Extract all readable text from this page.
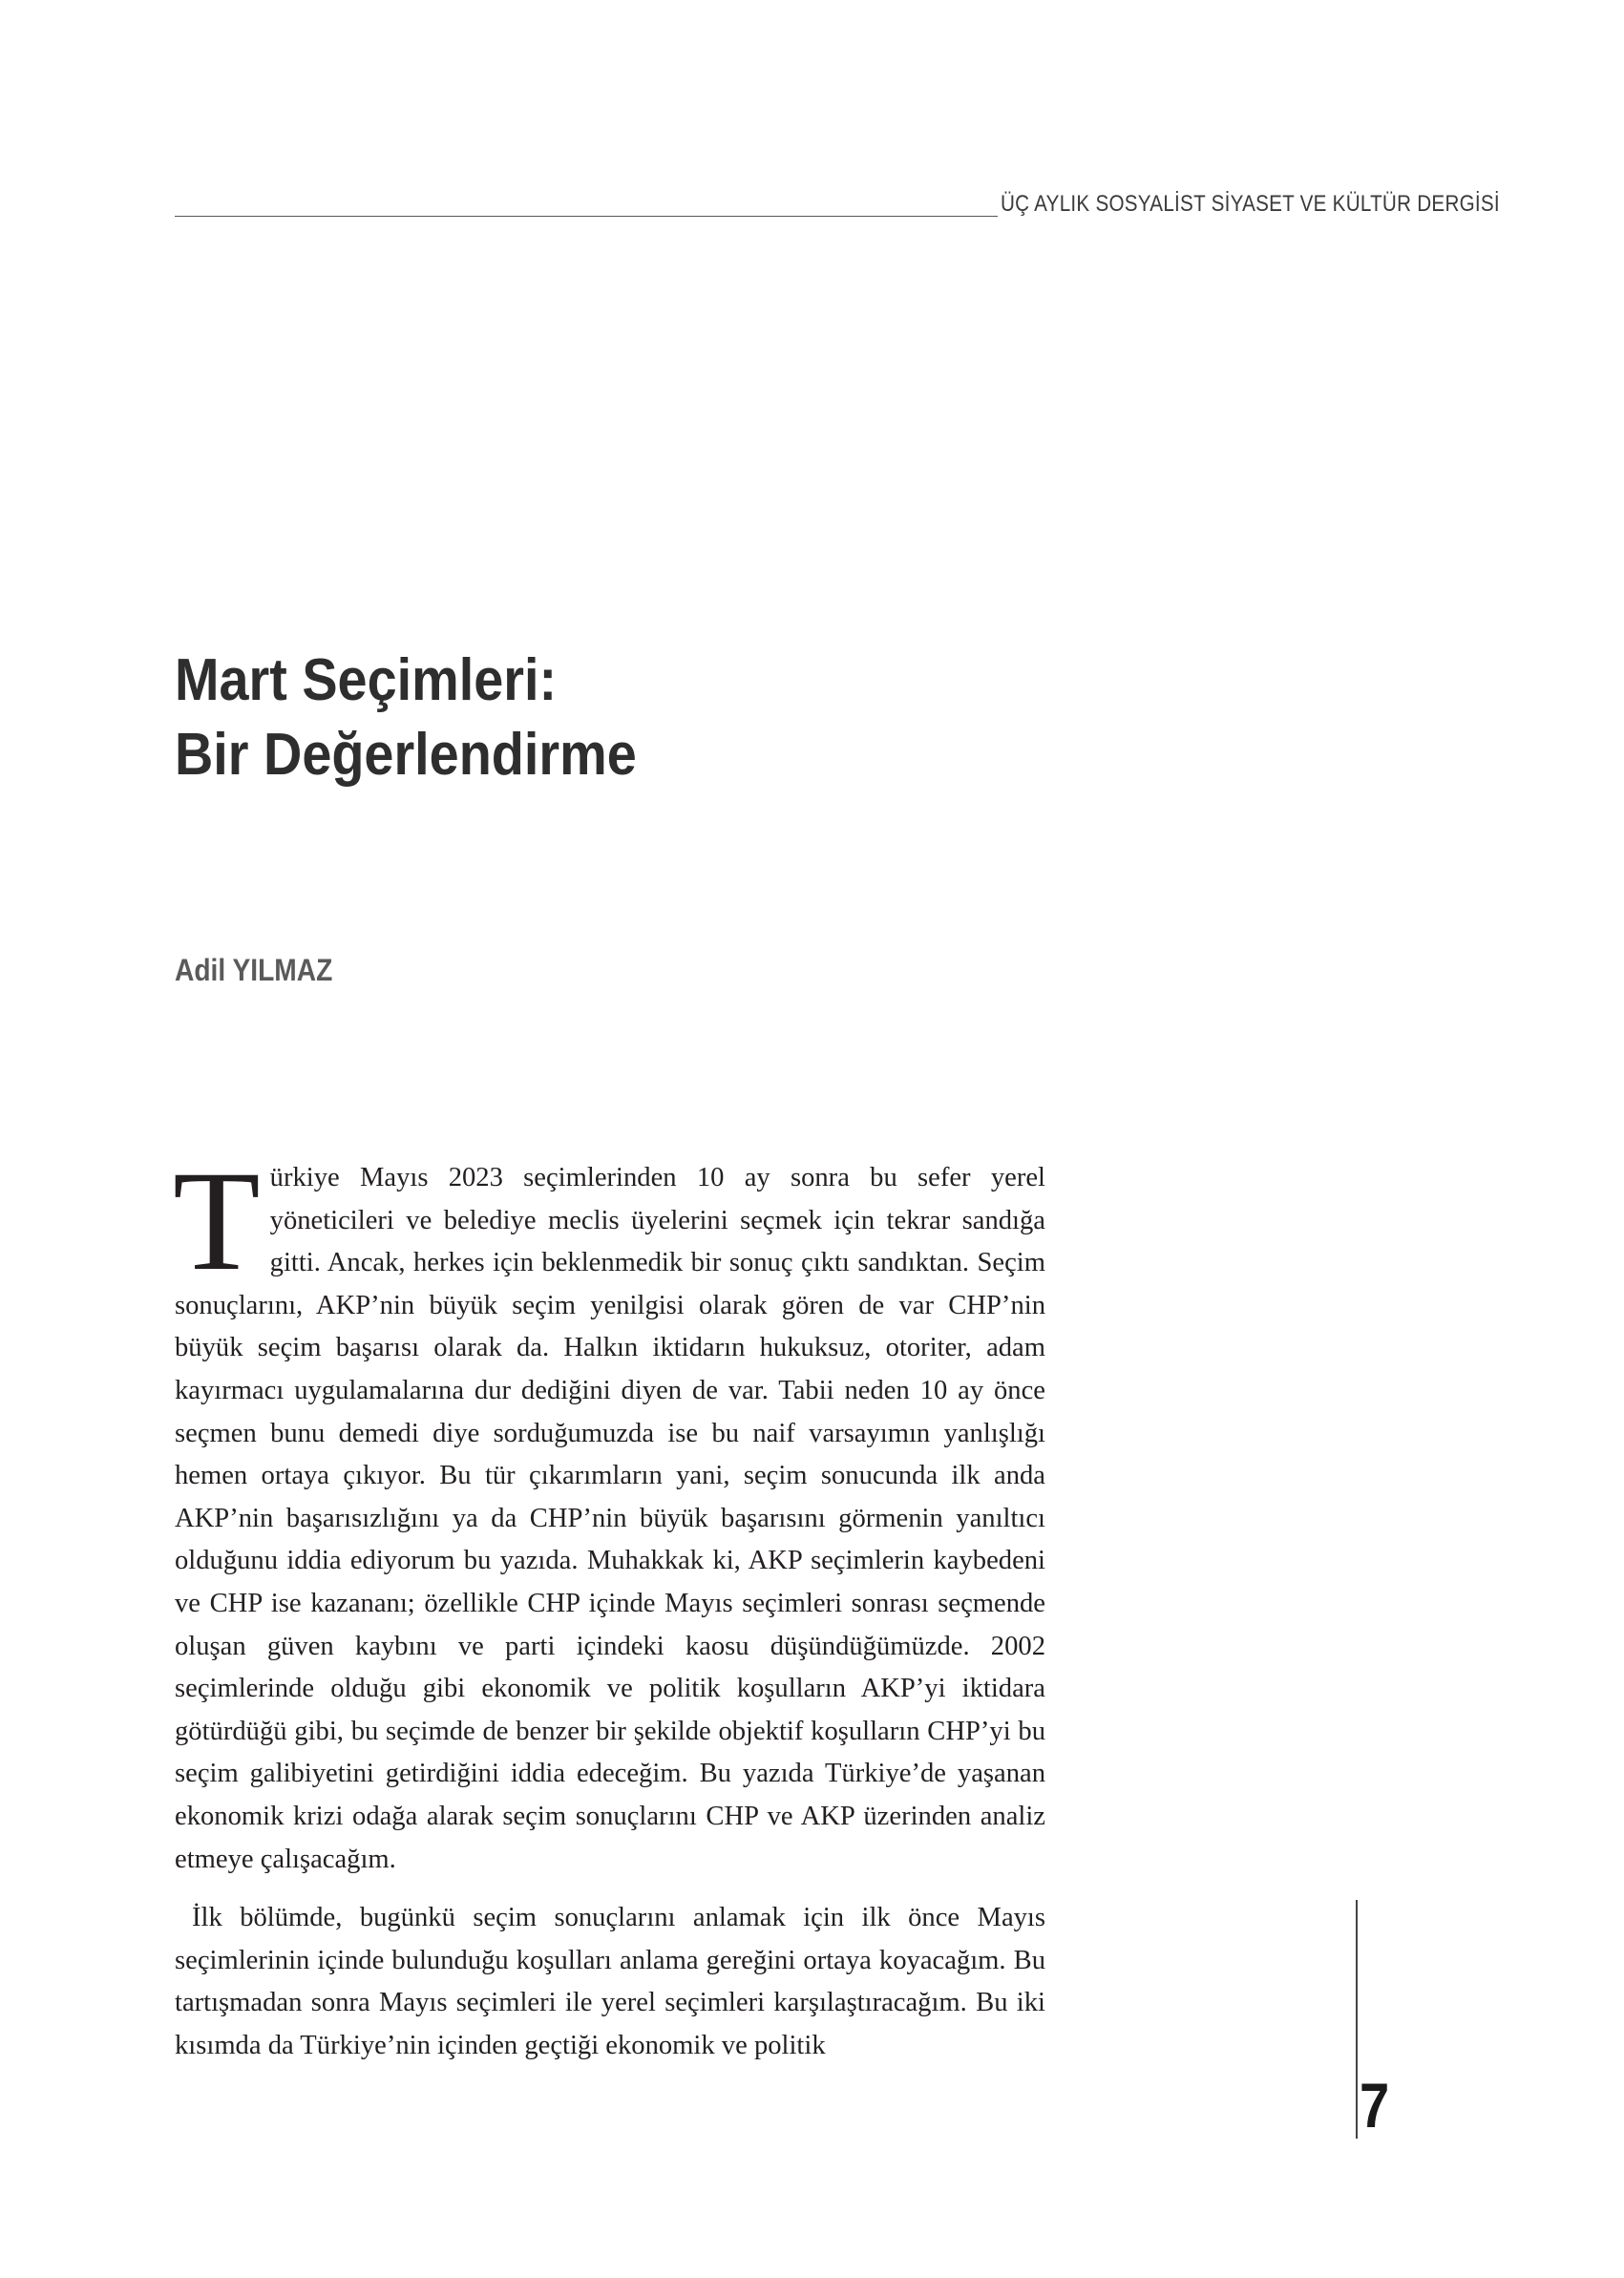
ÜÇ AYLIK SOSYALİST SİYASET VE KÜLTÜR DERGİSİ
Mart Seçimleri:
Bir Değerlendirme
Adil YILMAZ

Türkiye Mayıs 2023 seçimlerinden 10 ay sonra bu sefer yerel yöneticileri ve belediye meclis üyelerini seçmek için tekrar sandığa gitti. Ancak, herkes için beklenmedik bir sonuç çıktı sandıktan. Seçim sonuçlarını, AKP’nin büyük seçim yenilgisi olarak gören de var CHP’nin büyük seçim başarısı olarak da. Halkın iktidarın hukuksuz, otoriter, adam kayırmacı uygulamalarına dur dediğini diyen de var. Tabii neden 10 ay önce seçmen bunu demedi diye sorduğumuzda ise bu naif varsayımın yanlışlığı hemen ortaya çıkıyor. Bu tür çıkarımların yani, seçim sonucunda ilk anda AKP’nin başarısızlığını ya da CHP’nin büyük başarısını görmenin yanıltıcı olduğunu iddia ediyorum bu yazıda. Muhakkak ki, AKP seçimlerin kaybedeni ve CHP ise kazananı; özellikle CHP içinde Mayıs seçimleri sonrası seçmende oluşan güven kaybını ve parti içindeki kaosu düşündüğümüzde. 2002 seçimlerinde olduğu gibi ekonomik ve politik koşulların AKP’yi iktidara götürdüğü gibi, bu seçimde de benzer bir şekilde objektif koşulların CHP’yi bu seçim galibiyetini getirdiğini iddia edeceğim. Bu yazıda Türkiye’de yaşanan ekonomik krizi odağa alarak seçim sonuçlarını CHP ve AKP üzerinden analiz etmeye çalışacağım.

İlk bölümde, bugünkü seçim sonuçlarını anlamak için ilk önce Mayıs seçimlerinin içinde bulunduğu koşulları anlama gereğini ortaya koyacağım. Bu tartışmadan sonra Mayıs seçimleri ile yerel seçimleri karşılaştıracağım. Bu iki kısımda da Türkiye’nin içinden geçtiği ekonomik ve politik

7
